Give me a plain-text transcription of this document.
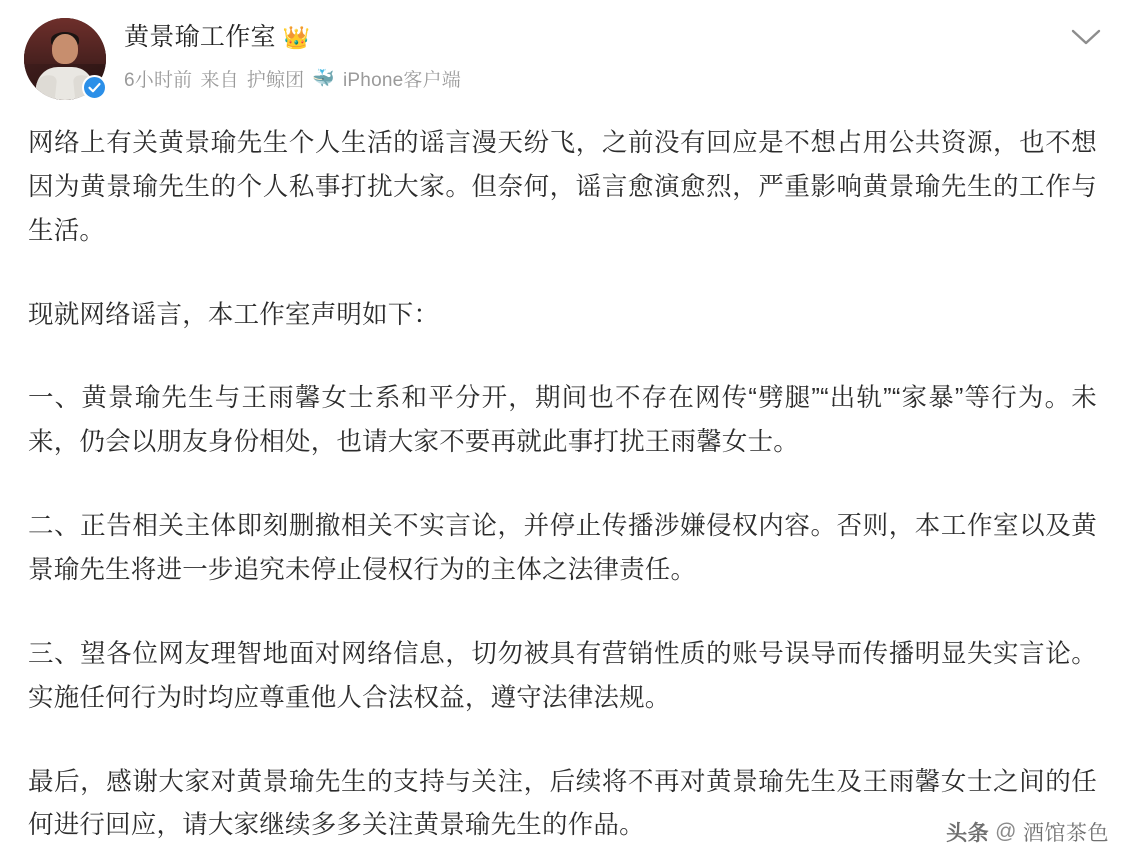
黄景瑜工作室 👑
6小时前 来自 护鲸团 🐳 iPhone客户端

网络上有关黄景瑜先生个人生活的谣言漫天纷飞，之前没有回应是不想占用公共资源，也不想因为黄景瑜先生的个人私事打扰大家。但奈何，谣言愈演愈烈，严重影响黄景瑜先生的工作与生活。

现就网络谣言，本工作室声明如下：

一、黄景瑜先生与王雨馨女士系和平分开，期间也不存在网传“劈腿”“出轨”“家暴”等行为。未来，仍会以朋友身份相处，也请大家不要再就此事打扰王雨馨女士。

二、正告相关主体即刻删撤相关不实言论，并停止传播涉嫌侵权内容。否则，本工作室以及黄景瑜先生将进一步追究未停止侵权行为的主体之法律责任。

三、望各位网友理智地面对网络信息，切勿被具有营销性质的账号误导而传播明显失实言论。实施任何行为时均应尊重他人合法权益，遵守法律法规。

最后，感谢大家对黄景瑜先生的支持与关注，后续将不再对黄景瑜先生及王雨馨女士之间的任何进行回应，请大家继续多多关注黄景瑜先生的作品。	头条 @ 酒馆茶色
